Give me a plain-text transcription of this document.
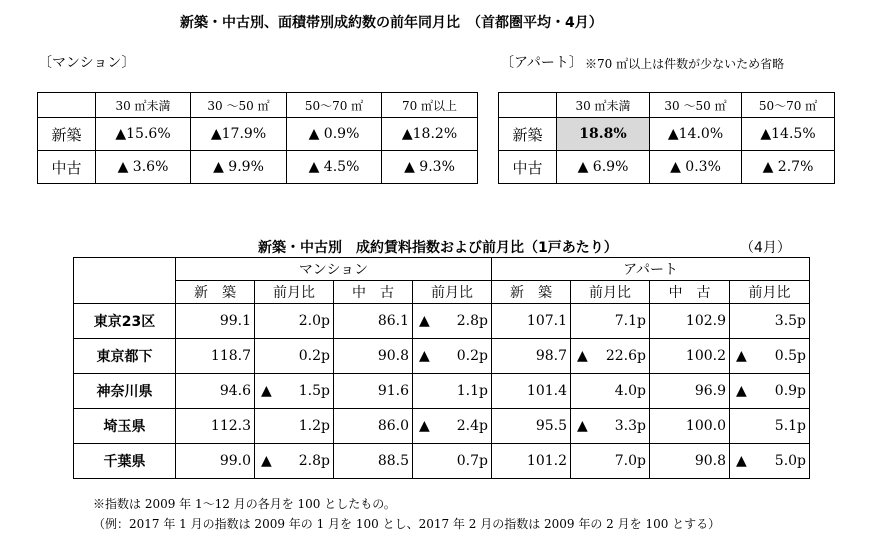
新築・中古別、面積帯別成約数の前年同月比　（首都圏平均・4月）
〔マンション〕	〔アパート〕 ※70 ㎡以上は件数が少ないため省略
	30 ㎡未満	30 ～50 ㎡	50～70 ㎡	70 ㎡以上
新築	▲15.6%	▲17.9%	▲ 0.9%	▲18.2%
中古	▲ 3.6%	▲ 9.9%	▲ 4.5%	▲ 9.3%
	30 ㎡未満	30 ～50 ㎡	50～70 ㎡
新築	18.8%	▲14.0%	▲14.5%
中古	▲ 6.9%	▲ 0.3%	▲ 2.7%
新築・中古別　成約賃料指数および前月比（1戸あたり）	（4月）
	マンション				アパート			
	新　築	前月比	中　古	前月比	新　築	前月比	中　古	前月比
東京23区	99.1	2.0p	86.1	▲ 2.8p	107.1	7.1p	102.9	3.5p

東京都下	118.7	0.2p	90.8	▲ 0.2p	98.7	▲ 22.6p	100.2	▲ 0.5p

神奈川県	94.6	▲ 1.5p	91.6	1.1p	101.4	4.0p	96.9	▲ 0.9p

埼玉県	112.3	1.2p	86.0	▲ 2.4p	95.5	▲ 3.3p	100.0	5.1p

千葉県	99.0	▲ 2.8p	88.5	0.7p	101.2	7.0p	90.8	▲ 5.0p
※指数は 2009 年 1～12 月の各月を 100 としたもの。
（例：2017 年 1 月の指数は 2009 年の 1 月を 100 とし、2017 年 2 月の指数は 2009 年の 2 月を 100 とする）
